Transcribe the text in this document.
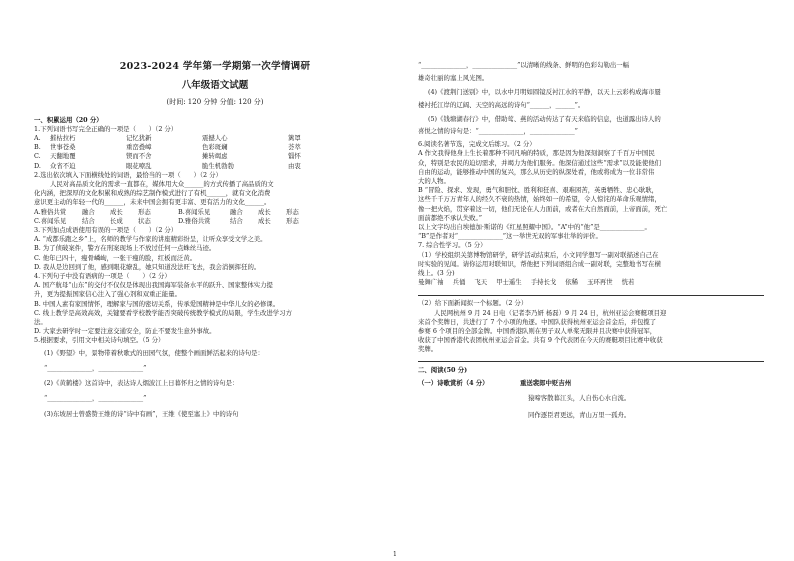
2023-2024 学年第一学期第一次学情调研
八年级语文试题
(时间: 120 分钟 分值: 120 分)
一、积累运用（20 分）
1.下列词语书写完全正确的一项是（　　）（2 分）
A.	摧枯拉朽	记忆犹新	震撼人心	篱罩
B.	世事苍桑	重峦叠嶂	色彩斑斓	荟萃
C.	天翻地覆	锲而不舍	摊转竭虑	锱怀
D.	众省不迫	眼花嘹乱	脆生机勃勃	由衷
2.选出依次填入下面横线处的词语，最恰当的一项（　　）（2 分）
人民对高品质文化的需求一直都在，媒体用大众______的方式传播了高品质的文
化内涵，把深厚的文化积累和成熟的综艺制作模式进行了有机______，就有文化消费
意识更主动的年轻一代的______，未来中国会拥有更丰富、更有活力的文化______。
A.雅俗共赏	融合	成长	形态	B.喜闻乐见	融合	成长	形态
C.喜闻乐见	结合	长成	状态	D.雅俗共赏	结合	成长	形态
3.下列加点成语使用有误的一项是（　　）（2 分）
A. “成都乐跑之乡”上，名师的教学与作家的讲座精彩纷呈，让听众享受文学之美。
B. 为了侦破案件，警方在刑案现场上不放过任何一点蛛丝马迹。
C. 他年已四十，瘦骨嶙峋，一张干瘦的脸，红板而泛黄。
D. 我从是边回到了他，感到眼花缭乱，她只知道没法旺飞去，我会消倒挥狂的。
4.下列句子中没有语病的一项是（　　）（2 分）
A. 国产航母“山东”的交付不仅仅是体现出我国海军装备水平的跃升、国家整体实力提
升，更为提振国家信心注入了强心剂和双重正能量。
B. 中国人素有家国情怀，理解家与国的密切关系，传承爱国精神是中华儿女的必修课。
C. 线上教学是高效高效，关键要看学校教学能否突破传统教学模式的局限，学生改进学习方
法。
D. 大家去研学时一定要注意交通安全，防止不要发生意外事故。
5.根据要求，引用文中相关诗句填空。（5 分）
(1)《野望》中，景物带着秋歌式的田园气氛，使整个画面鲜活起来的诗句是：
“______________，______________”
(2)《黄鹤楼》这首诗中，表达诗人烟波江上日暮怀归之情的诗句是：
“______________，______________”
(3)东坡居士曾盛赞王维的诗“诗中有画”，王维《使至塞上》中的诗句
“______________，______________”以清晰的线条、鲜明的色彩勾勒出一幅
雄奇壮丽的塞上风光图。
(4)《渡荆门送别》中，以水中月明如圆镜反衬江水的平静，以天上云彩构成海市蜃
楼衬托江岸的辽阔、天空的高远的诗句“______，______”。
(5)《钱塘湖春行》中，借助莺、燕的活动传达了有天来临的信息，也道露出诗人的
喜悦之情的诗句是：“______________，______________”
6.阅读名著节选，完成文后练习。（2 分）
A 作文我得他身上生长着那种不同凡响的特质，那是因为他深刻洞察了千百万中国民
众，特别是农民的迫切需求，并竭力为他们服务。他深信通过这些“需求”以及能使他们
自由的运动，能够推动中国的复兴，那么从历史的纵深处看，他或将成为一位非常伟
大的人物。
B “冒险、探求、发现，勇气和胆忱、胜利和狂喜、艰难困苦，英勇牺牲、忠心耿耿，
这些千千万万青年人的经久不衰的热情，始终如一的希望，令人惊诧的革命乐观情绪，
像一把火焰，贯穿着这一切，他们无论在人力面前，或者在大自然面前，上帝面前，死亡
面前都绝不承认失败。”
以上文字均出自埃德加·斯诺的《红星照耀中国》。“A”中的“他”是______________。
“B”是作者对“______________”这一举世无双的军事壮举的评价。
7. 综合性学习。（5 分）
（1）学校组织关第博物馆研学，研学活动结束后，小文同学想写一副对联描述自己在
时实验的见闻。请你运用对联知识，帮他把下列词语组合成一副对联，完整地书写在横
线上。(3 分)
曼舞广袖 兵俑 飞天 甲士遥生 手持长戈 依稀 玉环再世 恍若
（2）给下面新闻拟一个标题。（2 分）
人民网杭州 9 月 24 日电（记者李乃妍 杨磊）9 月 24 日，杭州亚运会赛艇项目迎
来首个奖牌日，共进行了 7 个小项的角逐。中国队获得杭州亚运会首金后，并包揽了
参赛 6 个项目的全部金牌。中国香港队则在男子双人单桨无限并且决赛中获得冠军，
收获了中国香港代表团杭州亚运会首金。共有 9 个代表团在今天的赛艇项目比赛中收获
奖牌。
二、阅读(50 分)
（一）诗歌赏析（4 分）	重送裴郎中贬吉州
猿啼客散暮江头，人自伤心水自流。
同作逐臣君更远，青山万里一孤舟。
1
